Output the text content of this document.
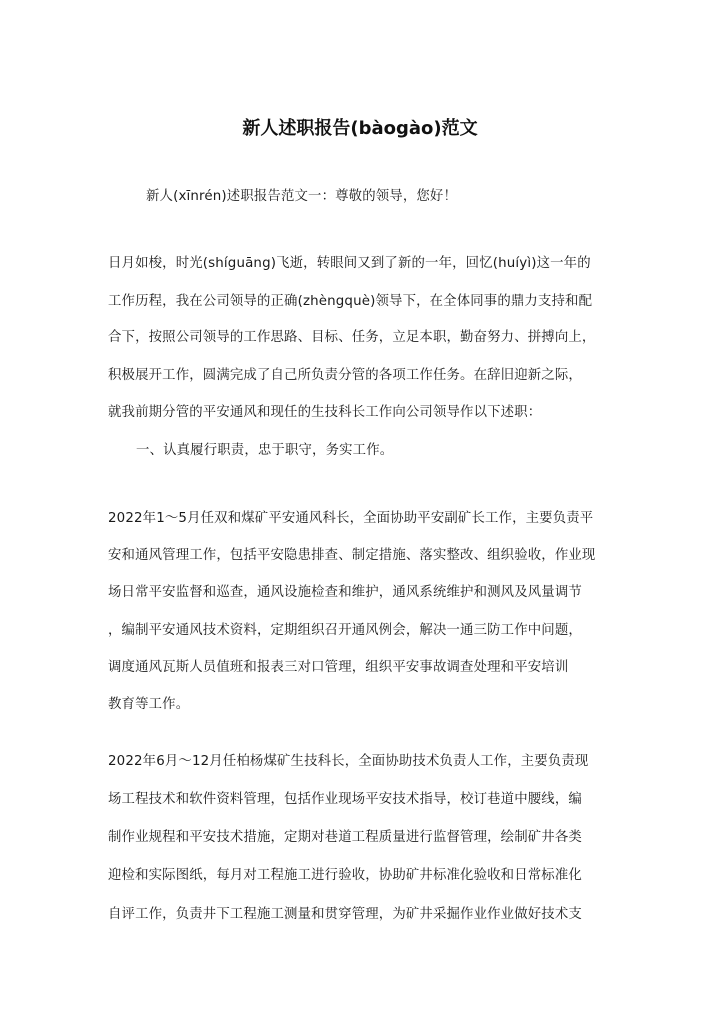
新人述职报告(bàogào)范文
新人(xīnrén)述职报告范文一：尊敬的领导，您好！
日月如梭，时光(shíguāng)飞逝，转眼间又到了新的一年，回忆(huíyì)这一年的
工作历程，我在公司领导的正确(zhèngquè)领导下，在全体同事的鼎力支持和配
合下，按照公司领导的工作思路、目标、任务，立足本职，勤奋努力、拼搏向上，
积极展开工作，圆满完成了自己所负责分管的各项工作任务。在辞旧迎新之际，
就我前期分管的平安通风和现任的生技科长工作向公司领导作以下述职：
一、认真履行职责，忠于职守，务实工作。
2022年1～5月任双和煤矿平安通风科长，全面协助平安副矿长工作，主要负责平
安和通风管理工作，包括平安隐患排查、制定措施、落实整改、组织验收，作业现
场日常平安监督和巡查，通风设施检查和维护，通风系统维护和测风及风量调节
，编制平安通风技术资料，定期组织召开通风例会，解决一通三防工作中问题，
调度通风瓦斯人员值班和报表三对口管理，组织平安事故调查处理和平安培训
教育等工作。
2022年6月～12月任柏杨煤矿生技科长，全面协助技术负责人工作，主要负责现
场工程技术和软件资料管理，包括作业现场平安技术指导，校订巷道中腰线，编
制作业规程和平安技术措施，定期对巷道工程质量进行监督管理，绘制矿井各类
迎检和实际图纸，每月对工程施工进行验收，协助矿井标准化验收和日常标准化
自评工作，负责井下工程施工测量和贯穿管理，为矿井采掘作业作业做好技术支
